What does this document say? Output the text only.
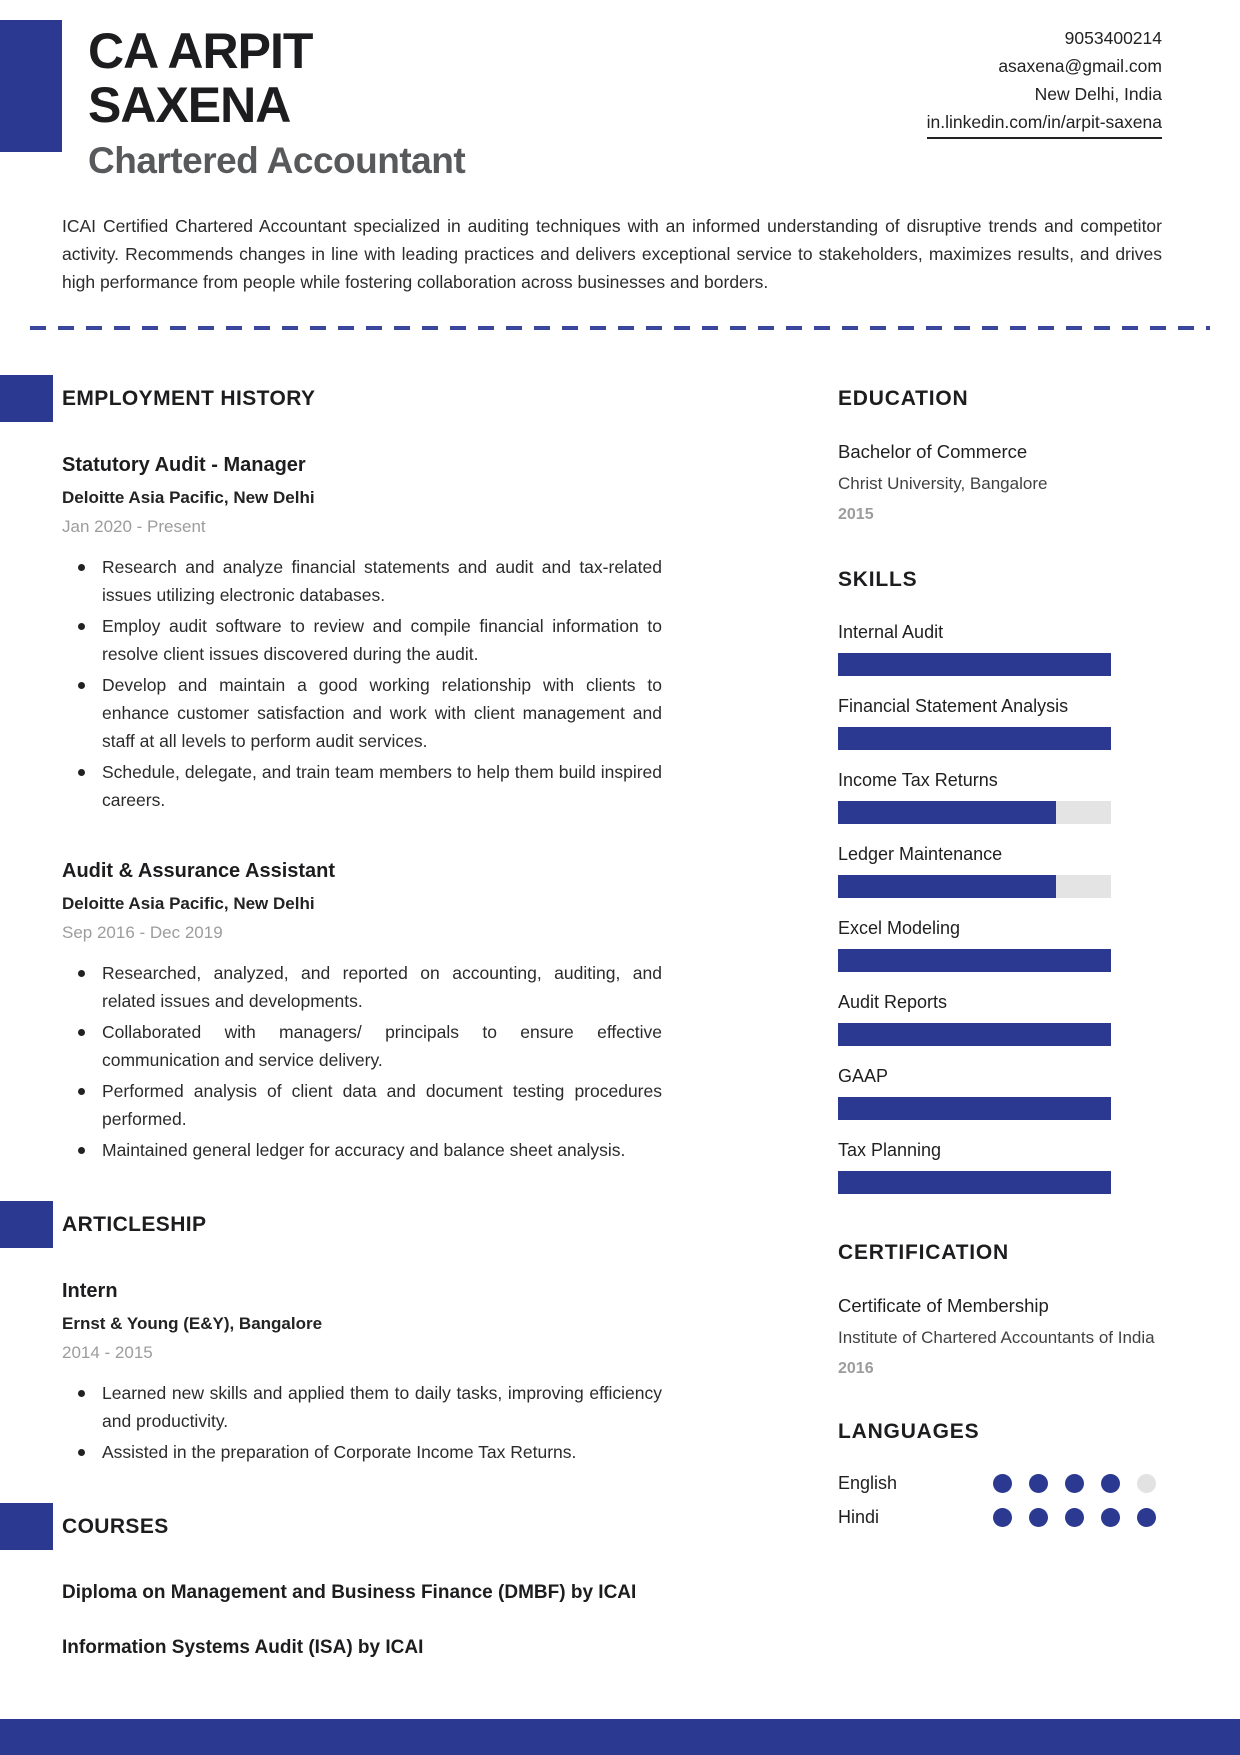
CA ARPIT
SAXENA
Chartered Accountant
9053400214
asaxena@gmail.com
New Delhi, India
in.linkedin.com/in/arpit-saxena

ICAI Certified Chartered Accountant specialized in auditing techniques with an informed understanding of disruptive trends and competitor activity. Recommends changes in line with leading practices and delivers exceptional service to stakeholders, maximizes results, and drives high performance from people while fostering collaboration across businesses and borders.

EMPLOYMENT HISTORY
Statutory Audit - Manager
Deloitte Asia Pacific, New Delhi
Jan 2020 - Present
Research and analyze financial statements and audit and tax-related issues utilizing electronic databases.
Employ audit software to review and compile financial information to resolve client issues discovered during the audit.
Develop and maintain a good working relationship with clients to enhance customer satisfaction and work with client management and staff at all levels to perform audit services.
Schedule, delegate, and train team members to help them build inspired careers.
Audit & Assurance Assistant
Deloitte Asia Pacific, New Delhi
Sep 2016 - Dec 2019
Researched, analyzed, and reported on accounting, auditing, and related issues and developments.
Collaborated with managers/ principals to ensure effective communication and service delivery.
Performed analysis of client data and document testing procedures performed.
Maintained general ledger for accuracy and balance sheet analysis.
ARTICLESHIP
Intern
Ernst & Young (E&Y), Bangalore
2014 - 2015
Learned new skills and applied them to daily tasks, improving efficiency and productivity.
Assisted in the preparation of Corporate Income Tax Returns.
COURSES
Diploma on Management and Business Finance (DMBF) by ICAI
Information Systems Audit (ISA) by ICAI
EDUCATION
Bachelor of Commerce
Christ University, Bangalore
2015
SKILLS
Internal Audit
Financial Statement Analysis
Income Tax Returns
Ledger Maintenance
Excel Modeling
Audit Reports
GAAP
Tax Planning
CERTIFICATION
Certificate of Membership
Institute of Chartered Accountants of India
2016
LANGUAGES
English
Hindi
